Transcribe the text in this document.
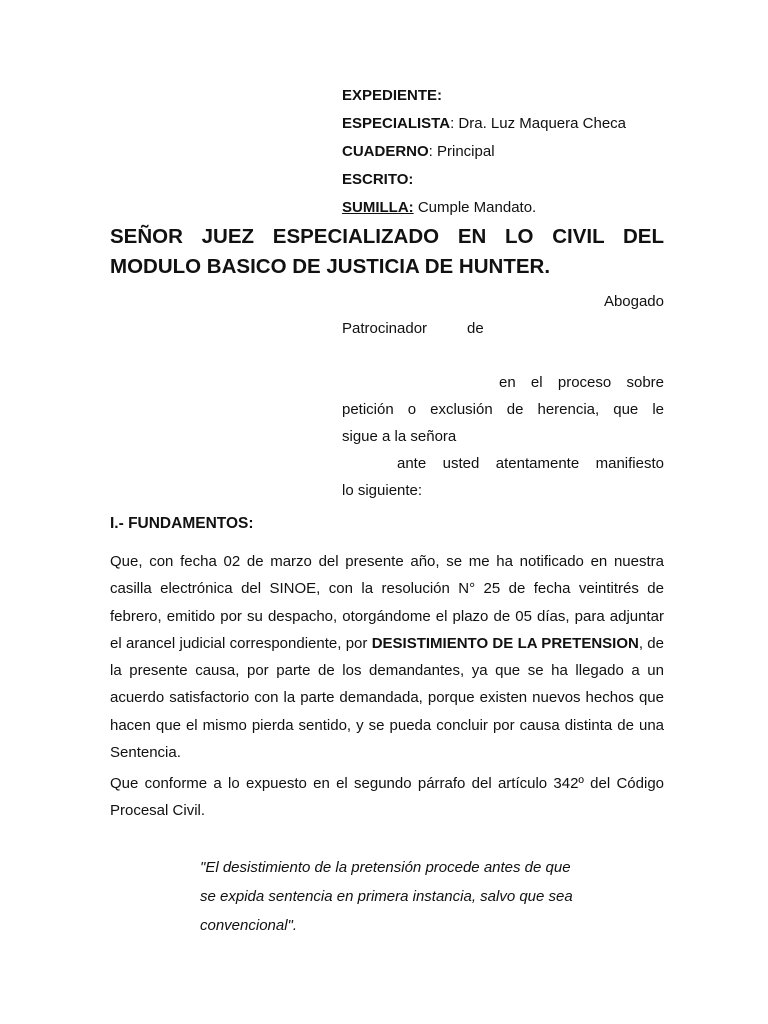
EXPEDIENTE:
ESPECIALISTA: Dra. Luz Maquera Checa
CUADERNO: Principal
ESCRITO:
SUMILLA: Cumple Mandato.
SEÑOR JUEZ ESPECIALIZADO EN LO CIVIL DEL MODULO BASICO DE JUSTICIA DE HUNTER.
Abogado
Patrocinador	de
en el proceso sobre
petición o exclusión de herencia, que le
sigue a la señora
ante usted atentamente manifiesto
lo siguiente:
I.- FUNDAMENTOS:
Que, con fecha 02 de marzo del presente año, se me ha notificado en nuestra casilla electrónica del SINOE, con la resolución N° 25 de fecha veintitrés de febrero, emitido por su despacho, otorgándome el plazo de 05 días, para adjuntar el arancel judicial correspondiente, por DESISTIMIENTO DE LA PRETENSION, de la presente causa, por parte de los demandantes, ya que se ha llegado a un acuerdo satisfactorio con la parte demandada, porque existen nuevos hechos que hacen que el mismo pierda sentido, y se pueda concluir por causa distinta de una Sentencia.
Que conforme a lo expuesto en el segundo párrafo del artículo 342º del Código Procesal Civil.
"El desistimiento de la pretensión procede antes de que se expida sentencia en primera instancia, salvo que sea convencional".
